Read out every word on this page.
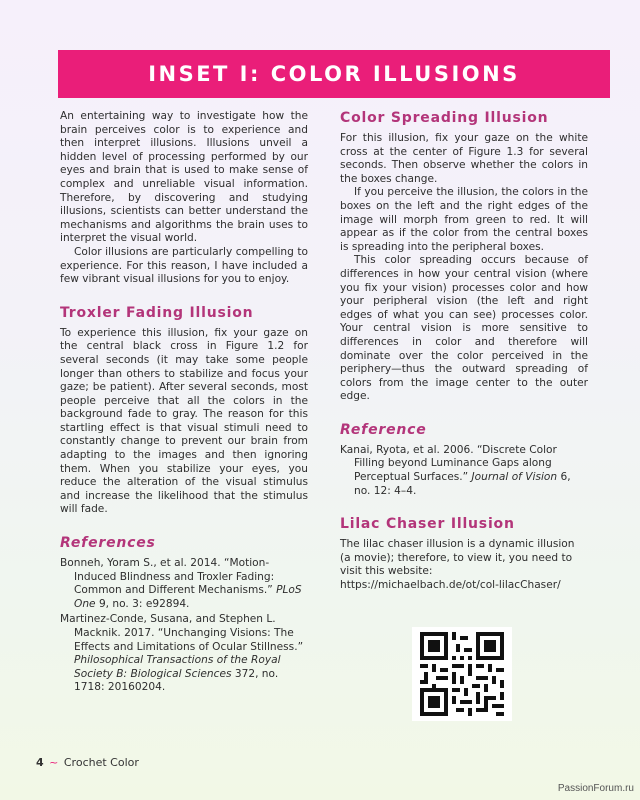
INSET I: COLOR ILLUSIONS

An entertaining way to investigate how the brain perceives color is to experience and then interpret illusions. Illusions unveil a hidden level of processing performed by our eyes and brain that is used to make sense of complex and unreliable visual information. Therefore, by discovering and studying illusions, scientists can better understand the mechanisms and algorithms the brain uses to interpret the visual world.

Color illusions are particularly compelling to experience. For this reason, I have included a few vibrant visual illusions for you to enjoy.

Troxler Fading Illusion

To experience this illusion, fix your gaze on the central black cross in Figure 1.2 for several seconds (it may take some people longer than others to stabilize and focus your gaze; be patient). After several seconds, most people perceive that all the colors in the background fade to gray. The reason for this startling effect is that visual stimuli need to constantly change to prevent our brain from adapting to the images and then ignoring them. When you stabilize your eyes, you reduce the alteration of the visual stimulus and increase the likelihood that the stimulus will fade.

References
Bonneh, Yoram S., et al. 2014. “Motion-Induced Blindness and Troxler Fading: Common and Different Mechanisms.” PLoS One 9, no. 3: e92894.
Martinez-Conde, Susana, and Stephen L. Macknik. 2017. “Unchanging Visions: The Effects and Limitations of Ocular Stillness.” Philosophical Transactions of the Royal Society B: Biological Sciences 372, no. 1718: 20160204.
Color Spreading Illusion

For this illusion, fix your gaze on the white cross at the center of Figure 1.3 for several seconds. Then observe whether the colors in the boxes change.

If you perceive the illusion, the colors in the boxes on the left and the right edges of the image will morph from green to red. It will appear as if the color from the central boxes is spreading into the peripheral boxes.

This color spreading occurs because of differences in how your central vision (where you fix your vision) processes color and how your peripheral vision (the left and right edges of what you can see) processes color. Your central vision is more sensitive to differences in color and therefore will dominate over the color perceived in the periphery—thus the outward spreading of colors from the image center to the outer edge.

Reference
Kanai, Ryota, et al. 2006. “Discrete Color Filling beyond Luminance Gaps along Perceptual Surfaces.” Journal of Vision 6, no. 12: 4–4.
Lilac Chaser Illusion

The lilac chaser illusion is a dynamic illusion (a movie); therefore, to view it, you need to visit this website: https://michaelbach.de/ot/col-lilacChaser/

4 ~ Crochet Color
PassionForum.ru
